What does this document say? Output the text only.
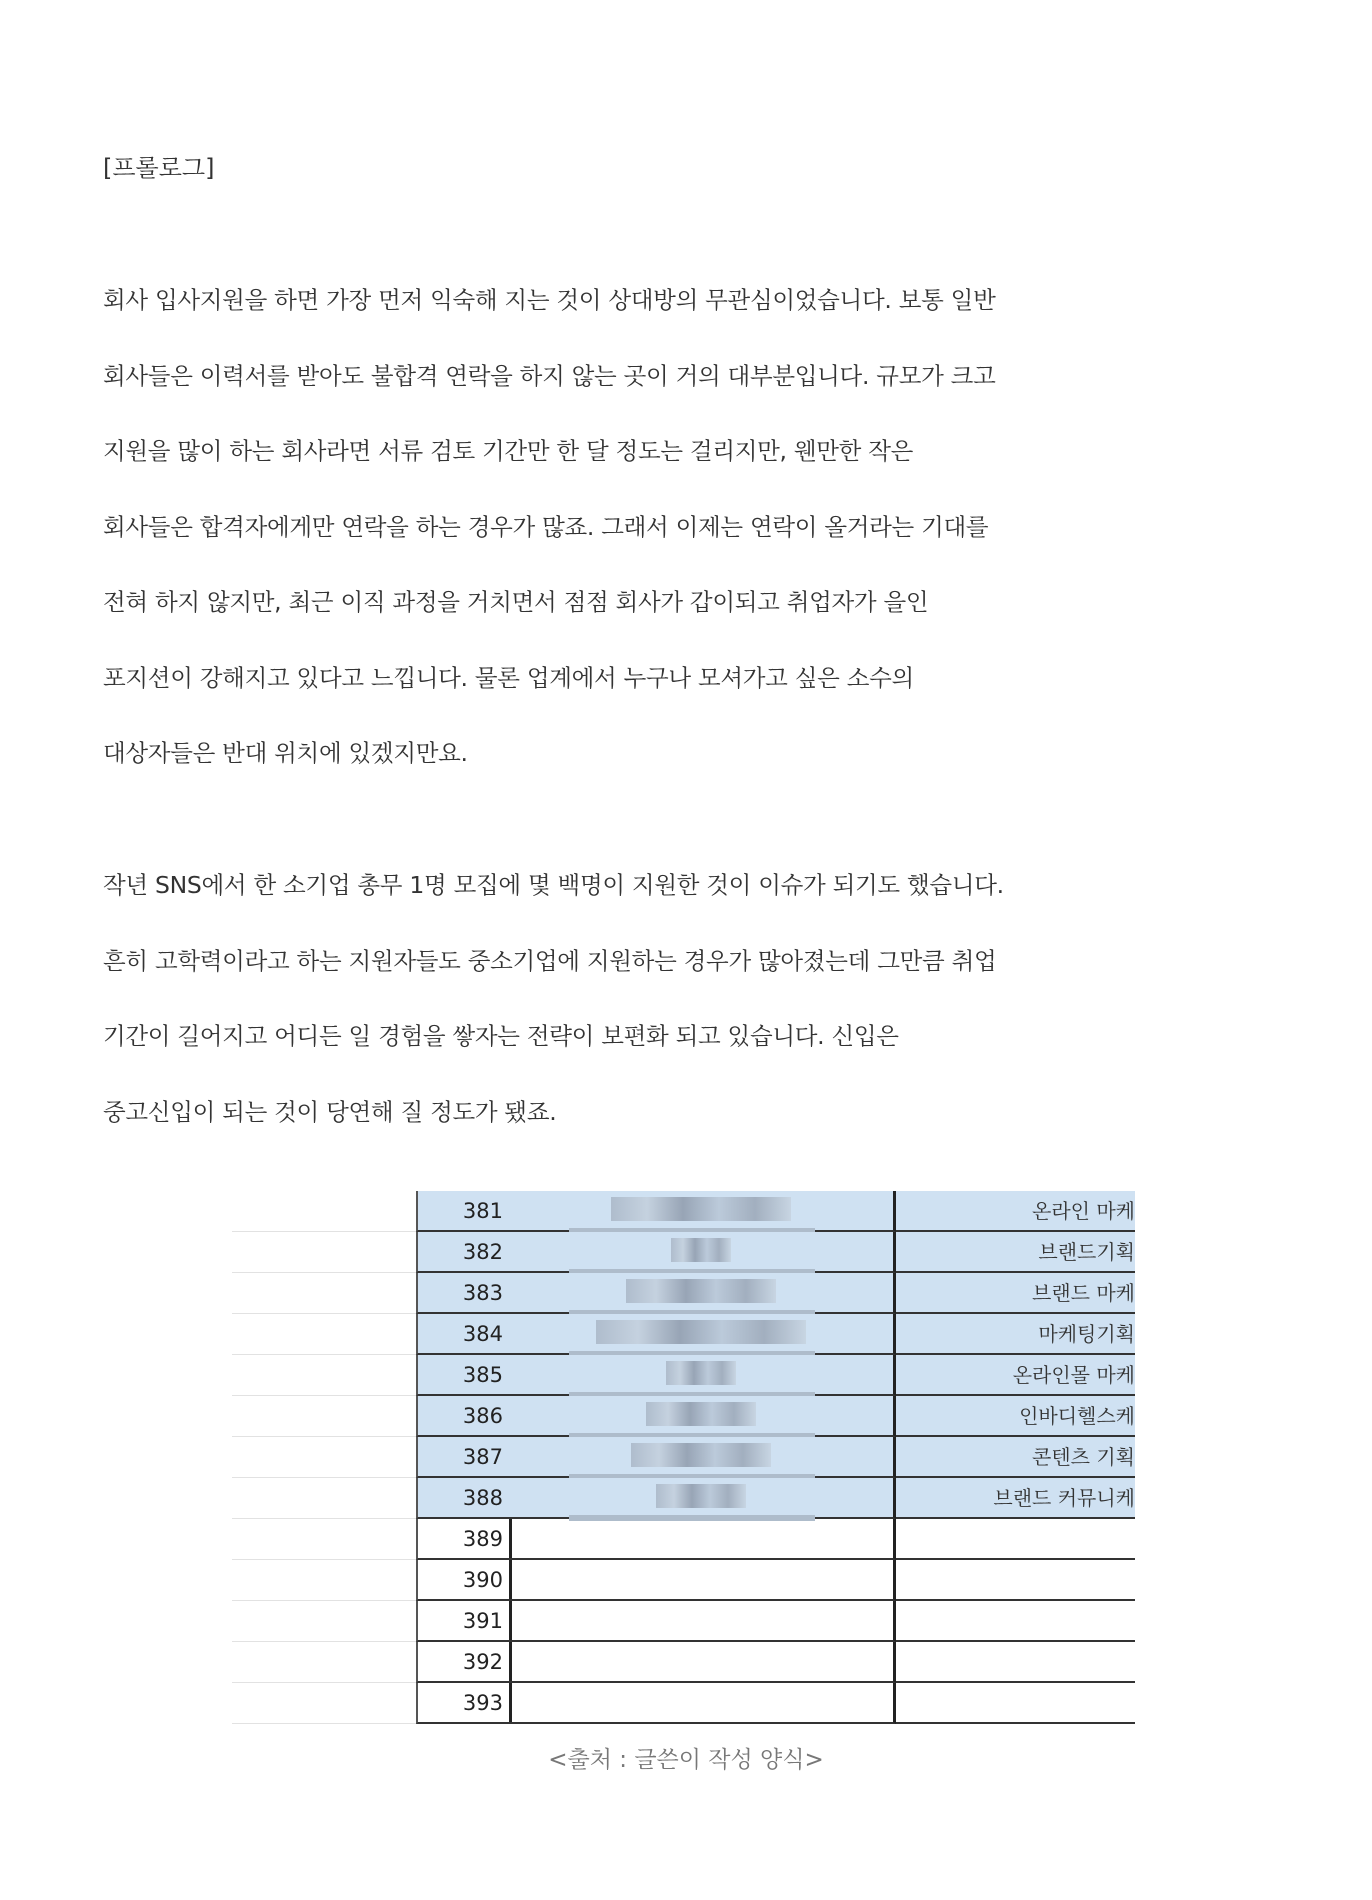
[프롤로그]
회사 입사지원을 하면 가장 먼저 익숙해 지는 것이 상대방의 무관심이었습니다. 보통 일반
회사들은 이력서를 받아도 불합격 연락을 하지 않는 곳이 거의 대부분입니다. 규모가 크고
지원을 많이 하는 회사라면 서류 검토 기간만 한 달 정도는 걸리지만, 웬만한 작은
회사들은 합격자에게만 연락을 하는 경우가 많죠. 그래서 이제는 연락이 올거라는 기대를
전혀 하지 않지만, 최근 이직 과정을 거치면서 점점 회사가 갑이되고 취업자가 을인
포지션이 강해지고 있다고 느낍니다. 물론 업계에서 누구나 모셔가고 싶은 소수의
대상자들은 반대 위치에 있겠지만요.
작년 SNS에서 한 소기업 총무 1명 모집에 몇 백명이 지원한 것이 이슈가 되기도 했습니다.
흔히 고학력이라고 하는 지원자들도 중소기업에 지원하는 경우가 많아졌는데 그만큼 취업
기간이 길어지고 어디든 일 경험을 쌓자는 전략이 보편화 되고 있습니다. 신입은
중고신입이 되는 것이 당연해 질 정도가 됐죠.
381	온라인 마케
382	브랜드기획
383	브랜드 마케
384	마케팅기획
385	온라인몰 마케
386	인바디헬스케
387	콘텐츠 기획
388	브랜드 커뮤니케
389
390
391
392
393
<출처 : 글쓴이 작성 양식>
